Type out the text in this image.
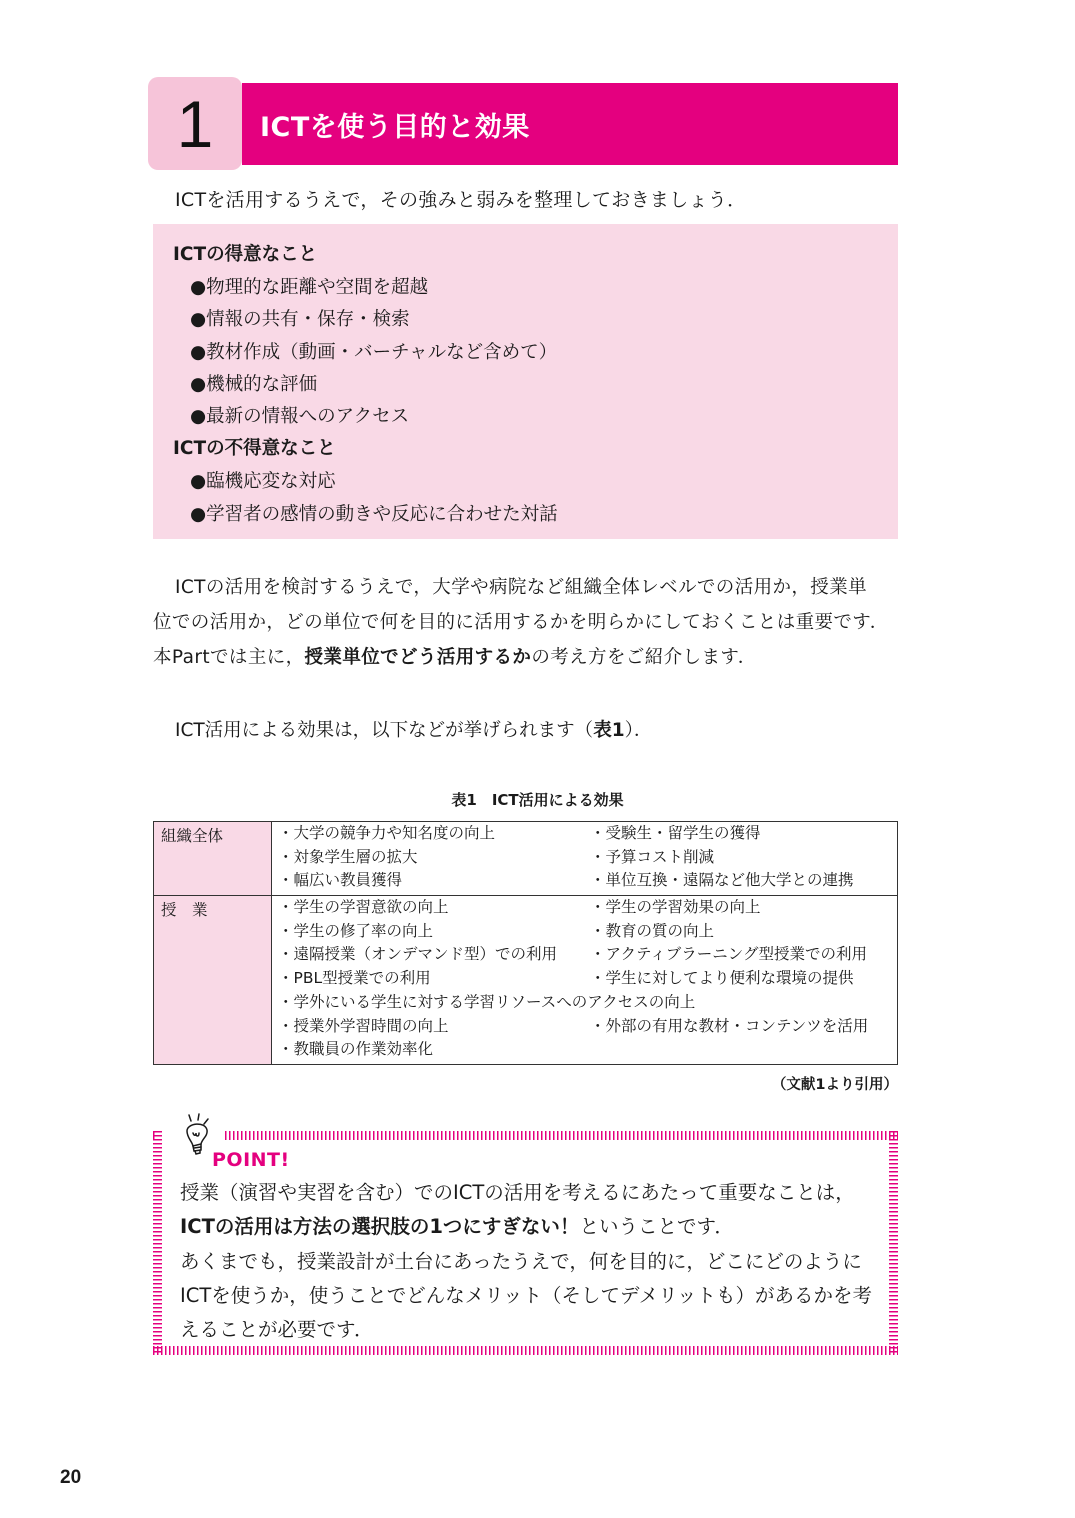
1 ICTを使う目的と効果
ICTを活用するうえで，その強みと弱みを整理しておきましょう．
ICTの得意なこと
●物理的な距離や空間を超越
●情報の共有・保存・検索
●教材作成（動画・バーチャルなど含めて）
●機械的な評価
●最新の情報へのアクセス
ICTの不得意なこと
●臨機応変な対応
●学習者の感情の動きや反応に合わせた対話
ICTの活用を検討するうえで，大学や病院など組織全体レベルでの活用か，授業単
位での活用か，どの単位で何を目的に活用するかを明らかにしておくことは重要です．
本Partでは主に，授業単位でどう活用するかの考え方をご紹介します．
ICT活用による効果は，以下などが挙げられます（表1）．
表1　 ICT活用による効果
組織全体	・大学の競争力や知名度の向上	・受験生・留学生の獲得
・対象学生層の拡大	・予算コスト削減
・幅広い教員獲得	・単位互換・遠隔など他大学との連携
授　業	・学生の学習意欲の向上	・学生の学習効果の向上
・学生の修了率の向上	・教育の質の向上
・遠隔授業（オンデマンド型）での利用 ・アクティブラーニング型授業での利用
・PBL型授業での利用	・学生に対してより便利な環境の提供
・学外にいる学生に対する学習リソースへのアクセスの向上
・授業外学習時間の向上	・外部の有用な教材・コンテンツを活用
・教職員の作業効率化
（文献1より引用）
POINT!
授業（演習や実習を含む）でのICTの活用を考えるにあたって重要なことは，
ICTの活用は方法の選択肢の1つにすぎない！ということです．
あくまでも，授業設計が土台にあったうえで，何を目的に，どこにどのように
ICTを使うか，使うことでどんなメリット（そしてデメリットも）があるかを考
えることが必要です．
20
